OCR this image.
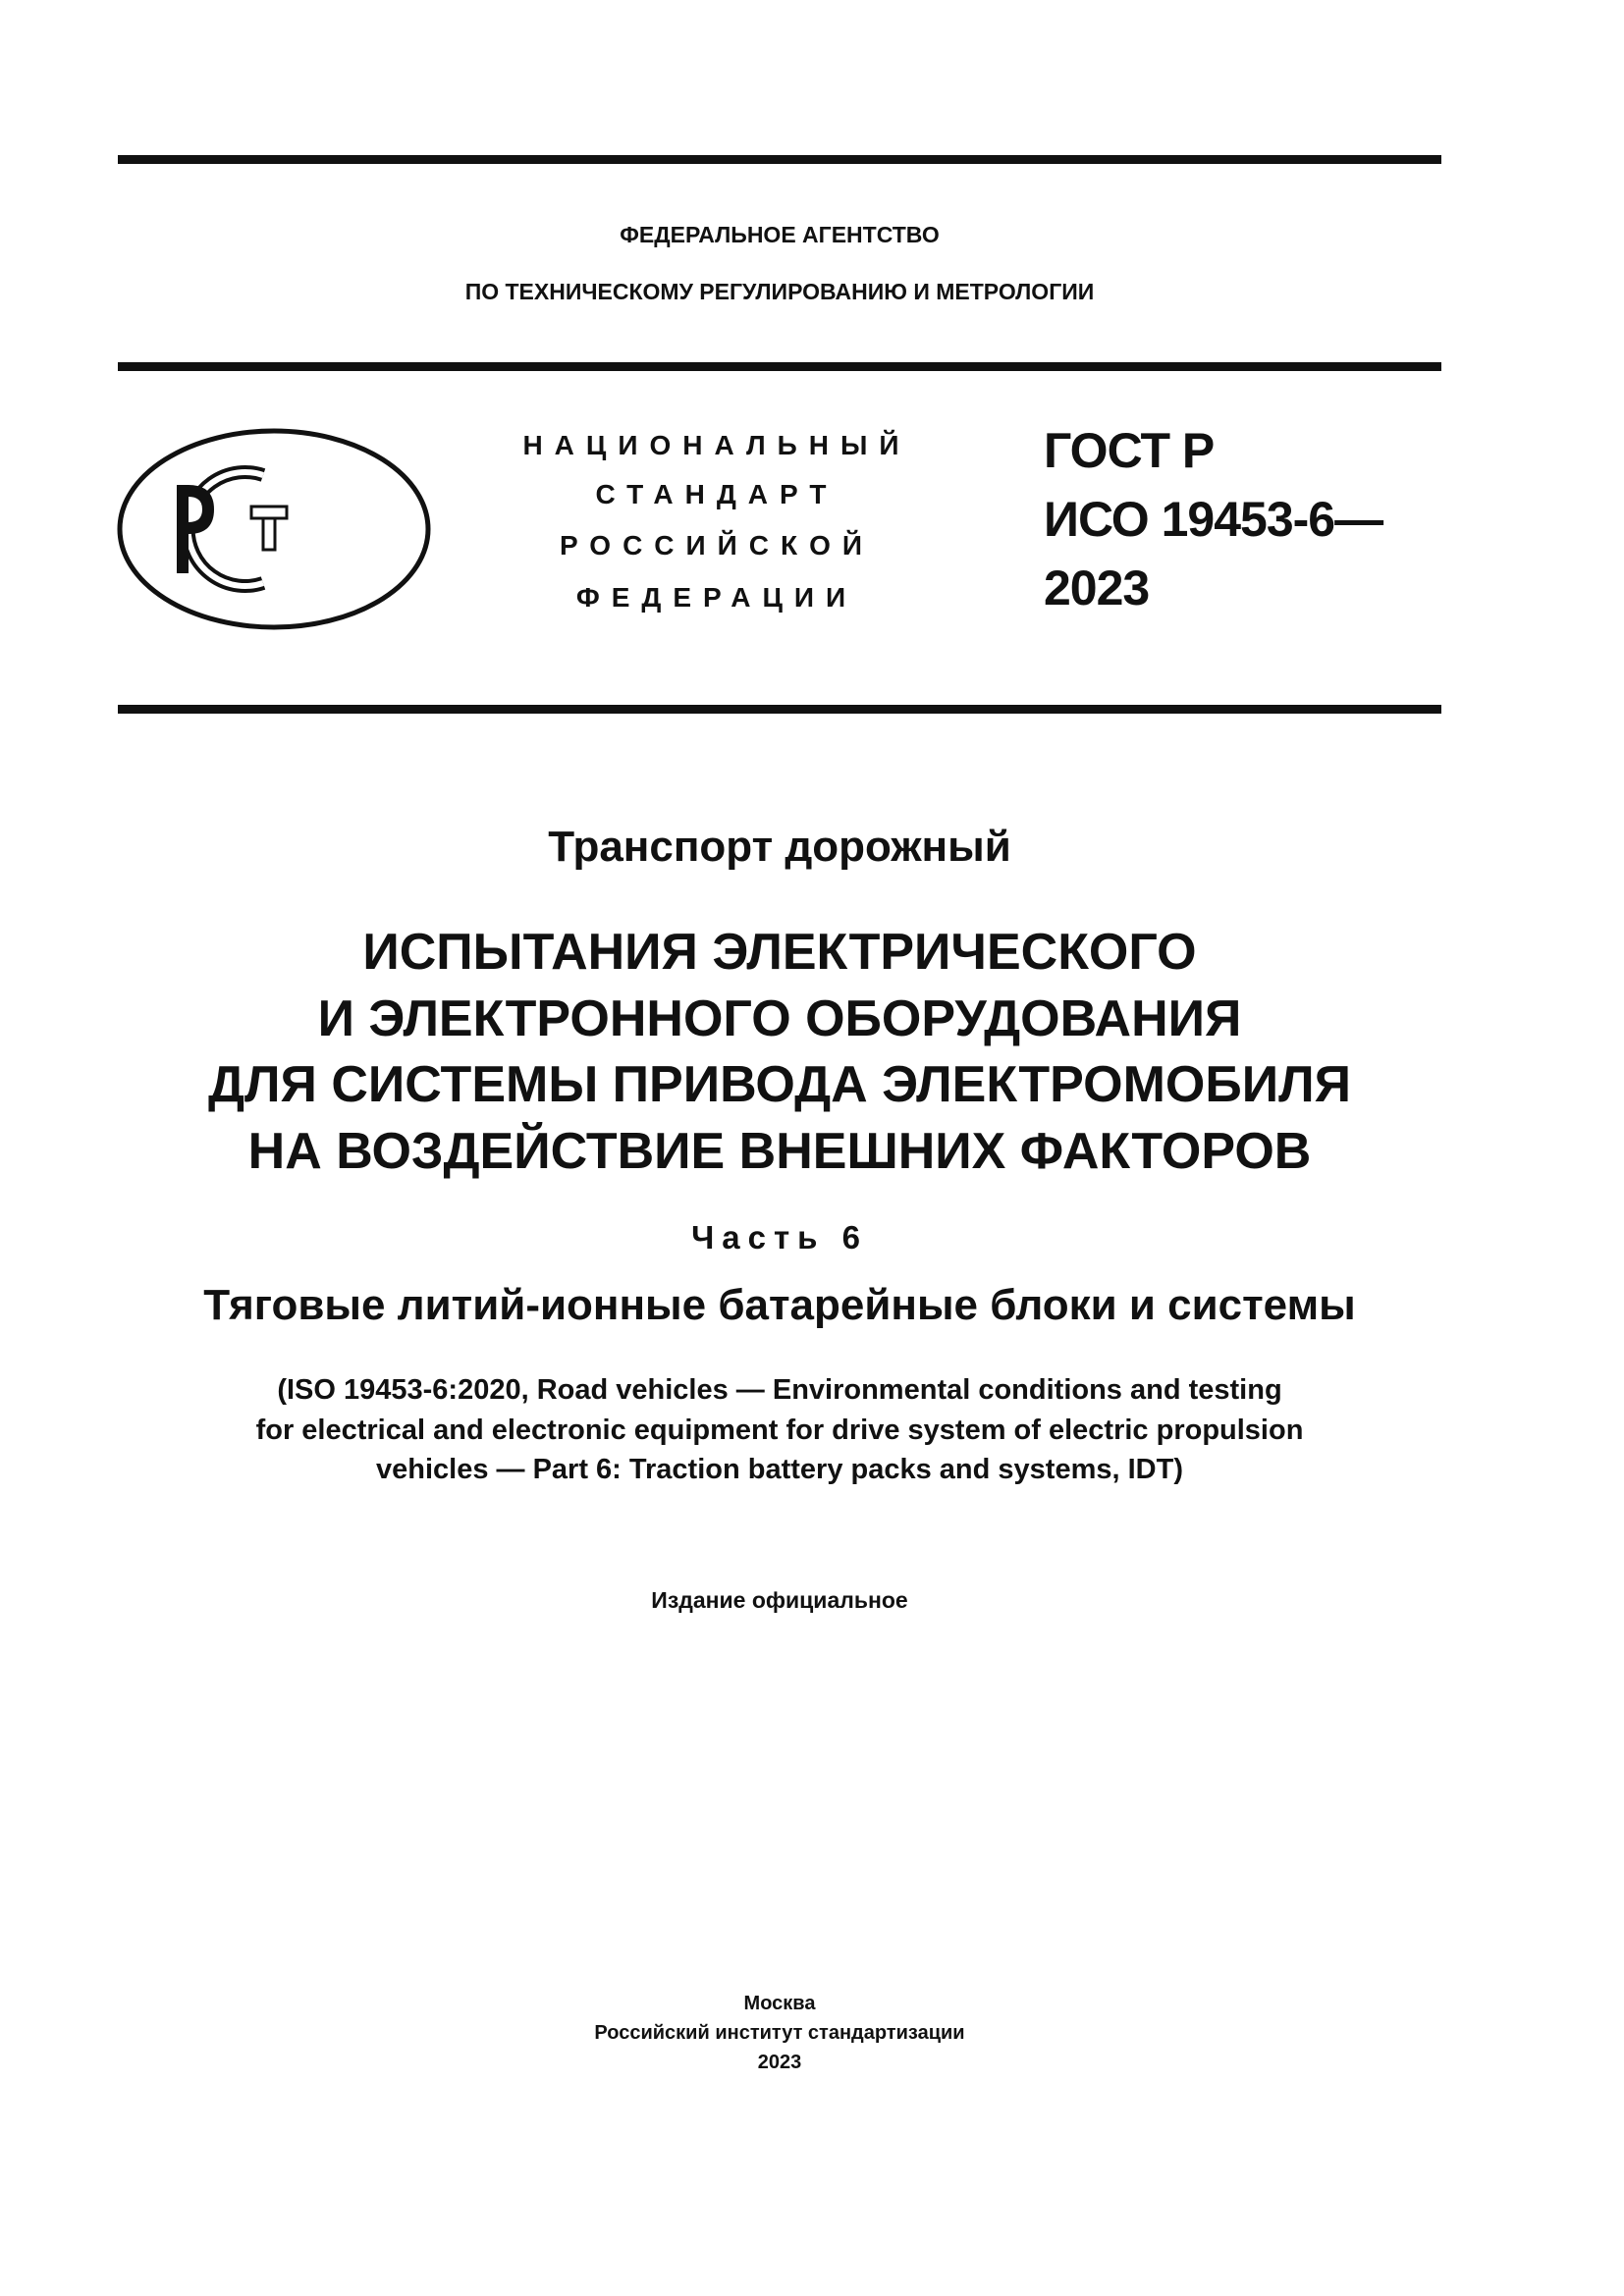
ФЕДЕРАЛЬНОЕ АГЕНТСТВО
ПО ТЕХНИЧЕСКОМУ РЕГУЛИРОВАНИЮ И МЕТРОЛОГИИ
НАЦИОНАЛЬНЫЙ
СТАНДАРТ
РОССИЙСКОЙ
ФЕДЕРАЦИИ
ГОСТ Р
ИСО 19453-6—
2023
Транспорт дорожный
ИСПЫТАНИЯ ЭЛЕКТРИЧЕСКОГО
И ЭЛЕКТРОННОГО ОБОРУДОВАНИЯ
ДЛЯ СИСТЕМЫ ПРИВОДА ЭЛЕКТРОМОБИЛЯ
НА ВОЗДЕЙСТВИЕ ВНЕШНИХ ФАКТОРОВ
Часть 6
Тяговые литий-ионные батарейные блоки и системы
(ISO 19453-6:2020, Road vehicles — Environmental conditions and testing
for electrical and electronic equipment for drive system of electric propulsion
vehicles — Part 6: Traction battery packs and systems, IDT)
Издание официальное
Москва
Российский институт стандартизации
2023
